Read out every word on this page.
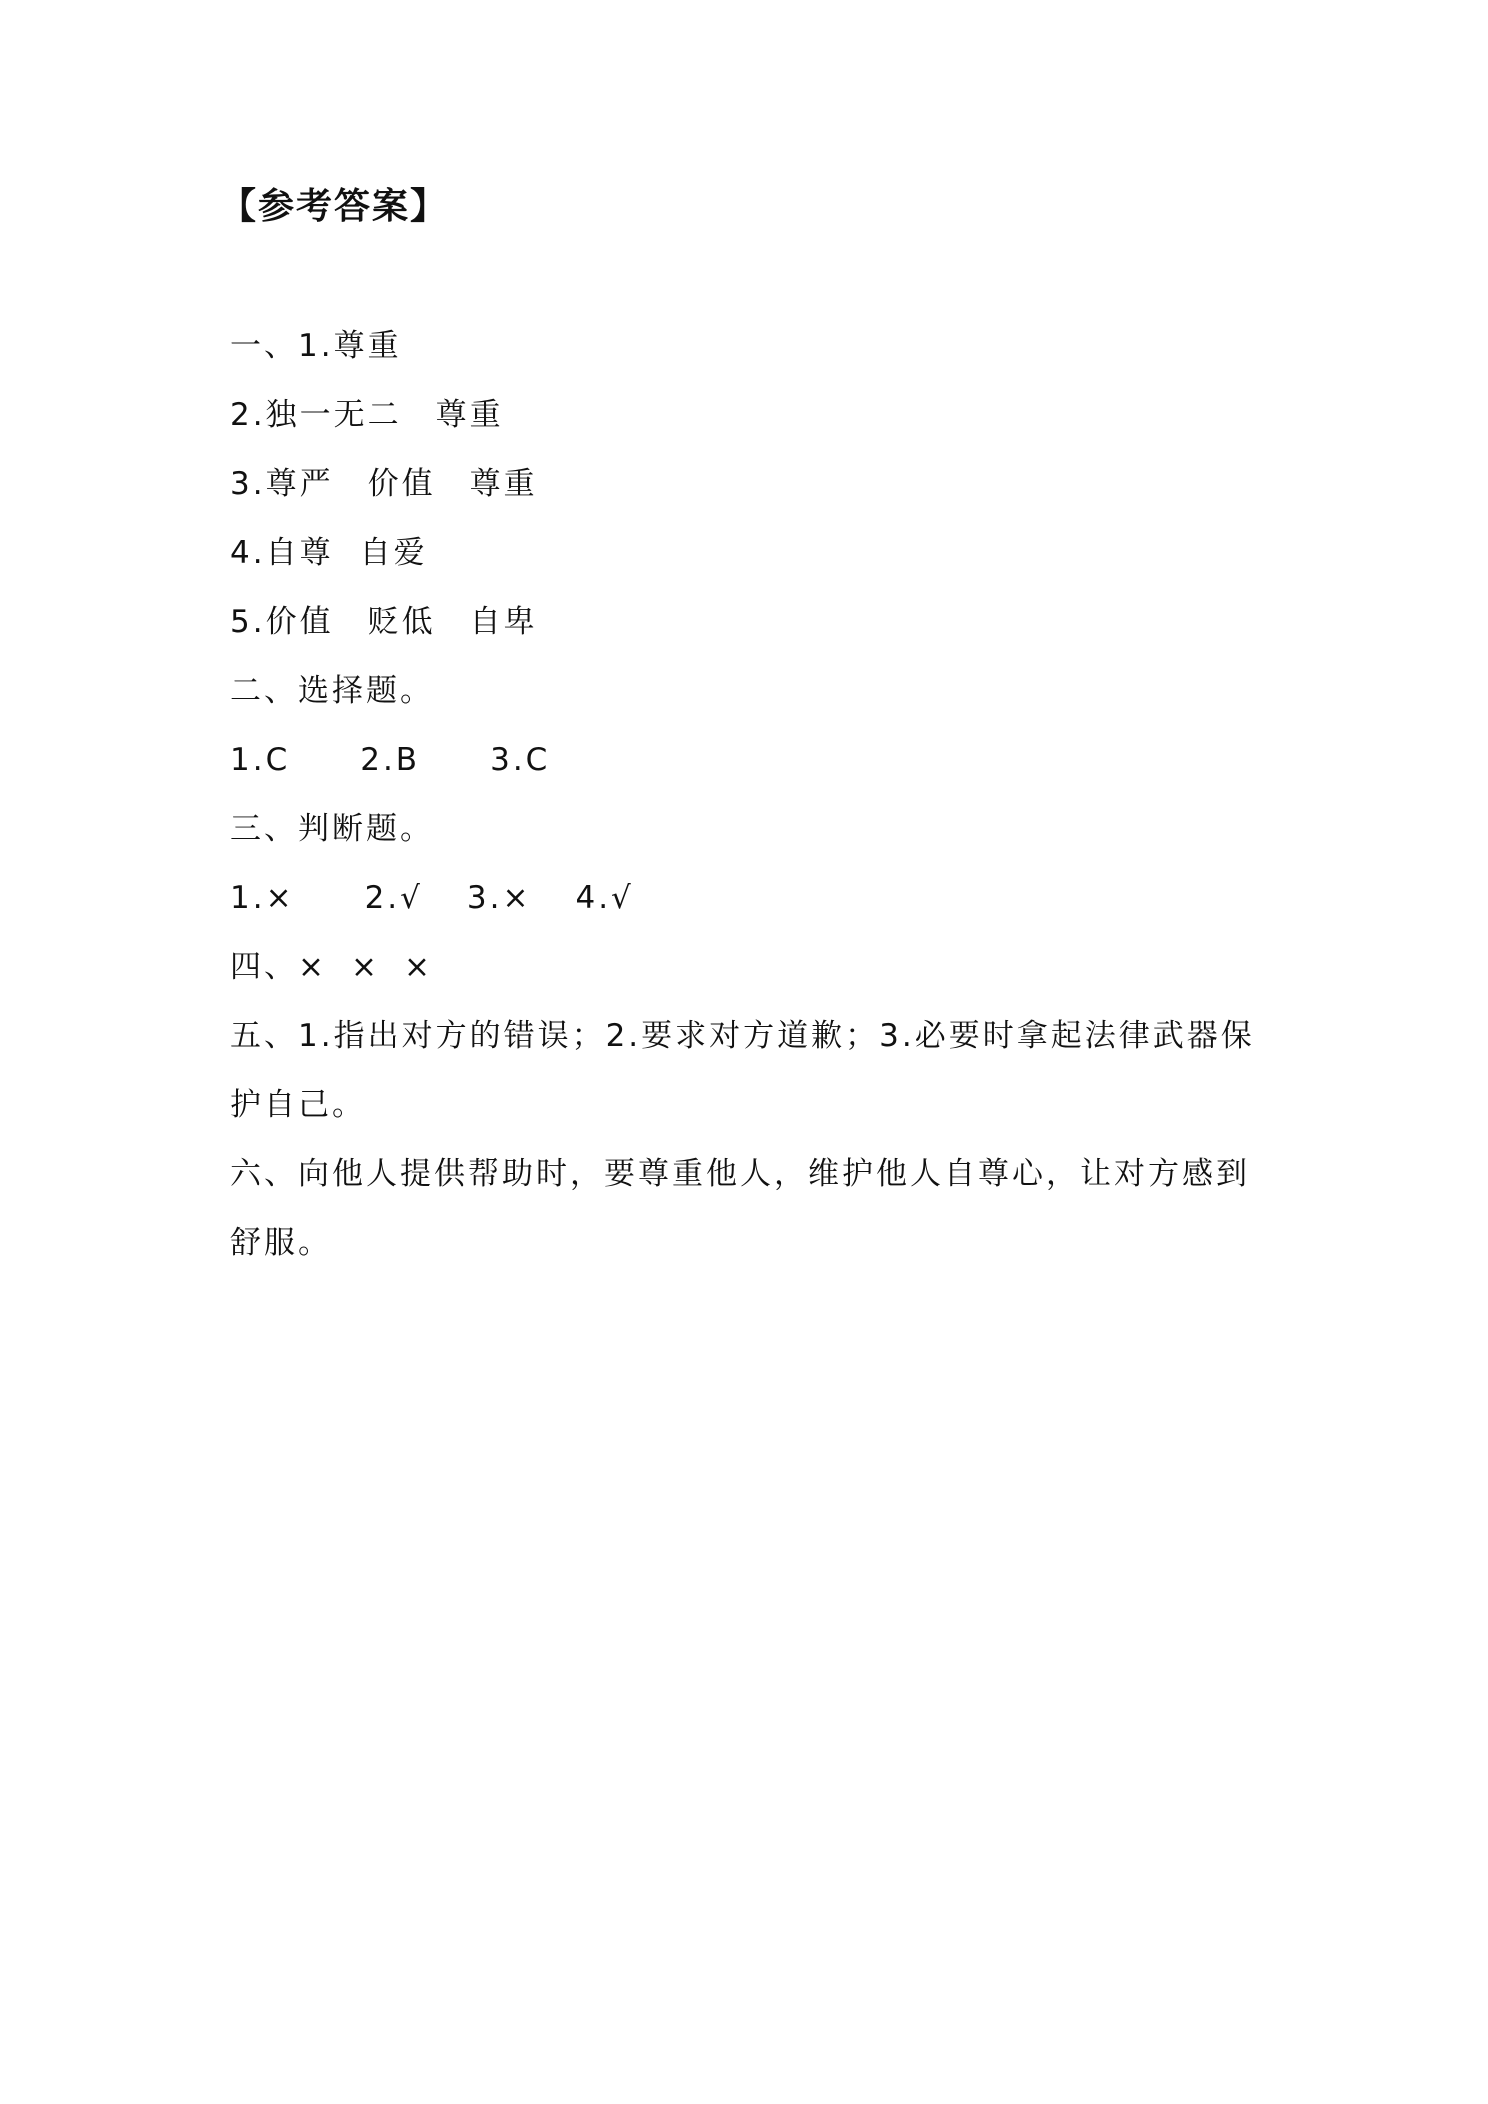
【参考答案】
一、1.尊重
2.独一无二 尊重
3.尊严 价值 尊重
4.自尊 自爱
5.价值 贬低 自卑
二、选择题。
1.C 2.B 3.C
三、判断题。
1.× 2.√ 3.× 4.√
四、× × ×
五、1.指出对方的错误；2.要求对方道歉；3.必要时拿起法律武器保护自己。
六、向他人提供帮助时，要尊重他人，维护他人自尊心，让对方感到舒服。
